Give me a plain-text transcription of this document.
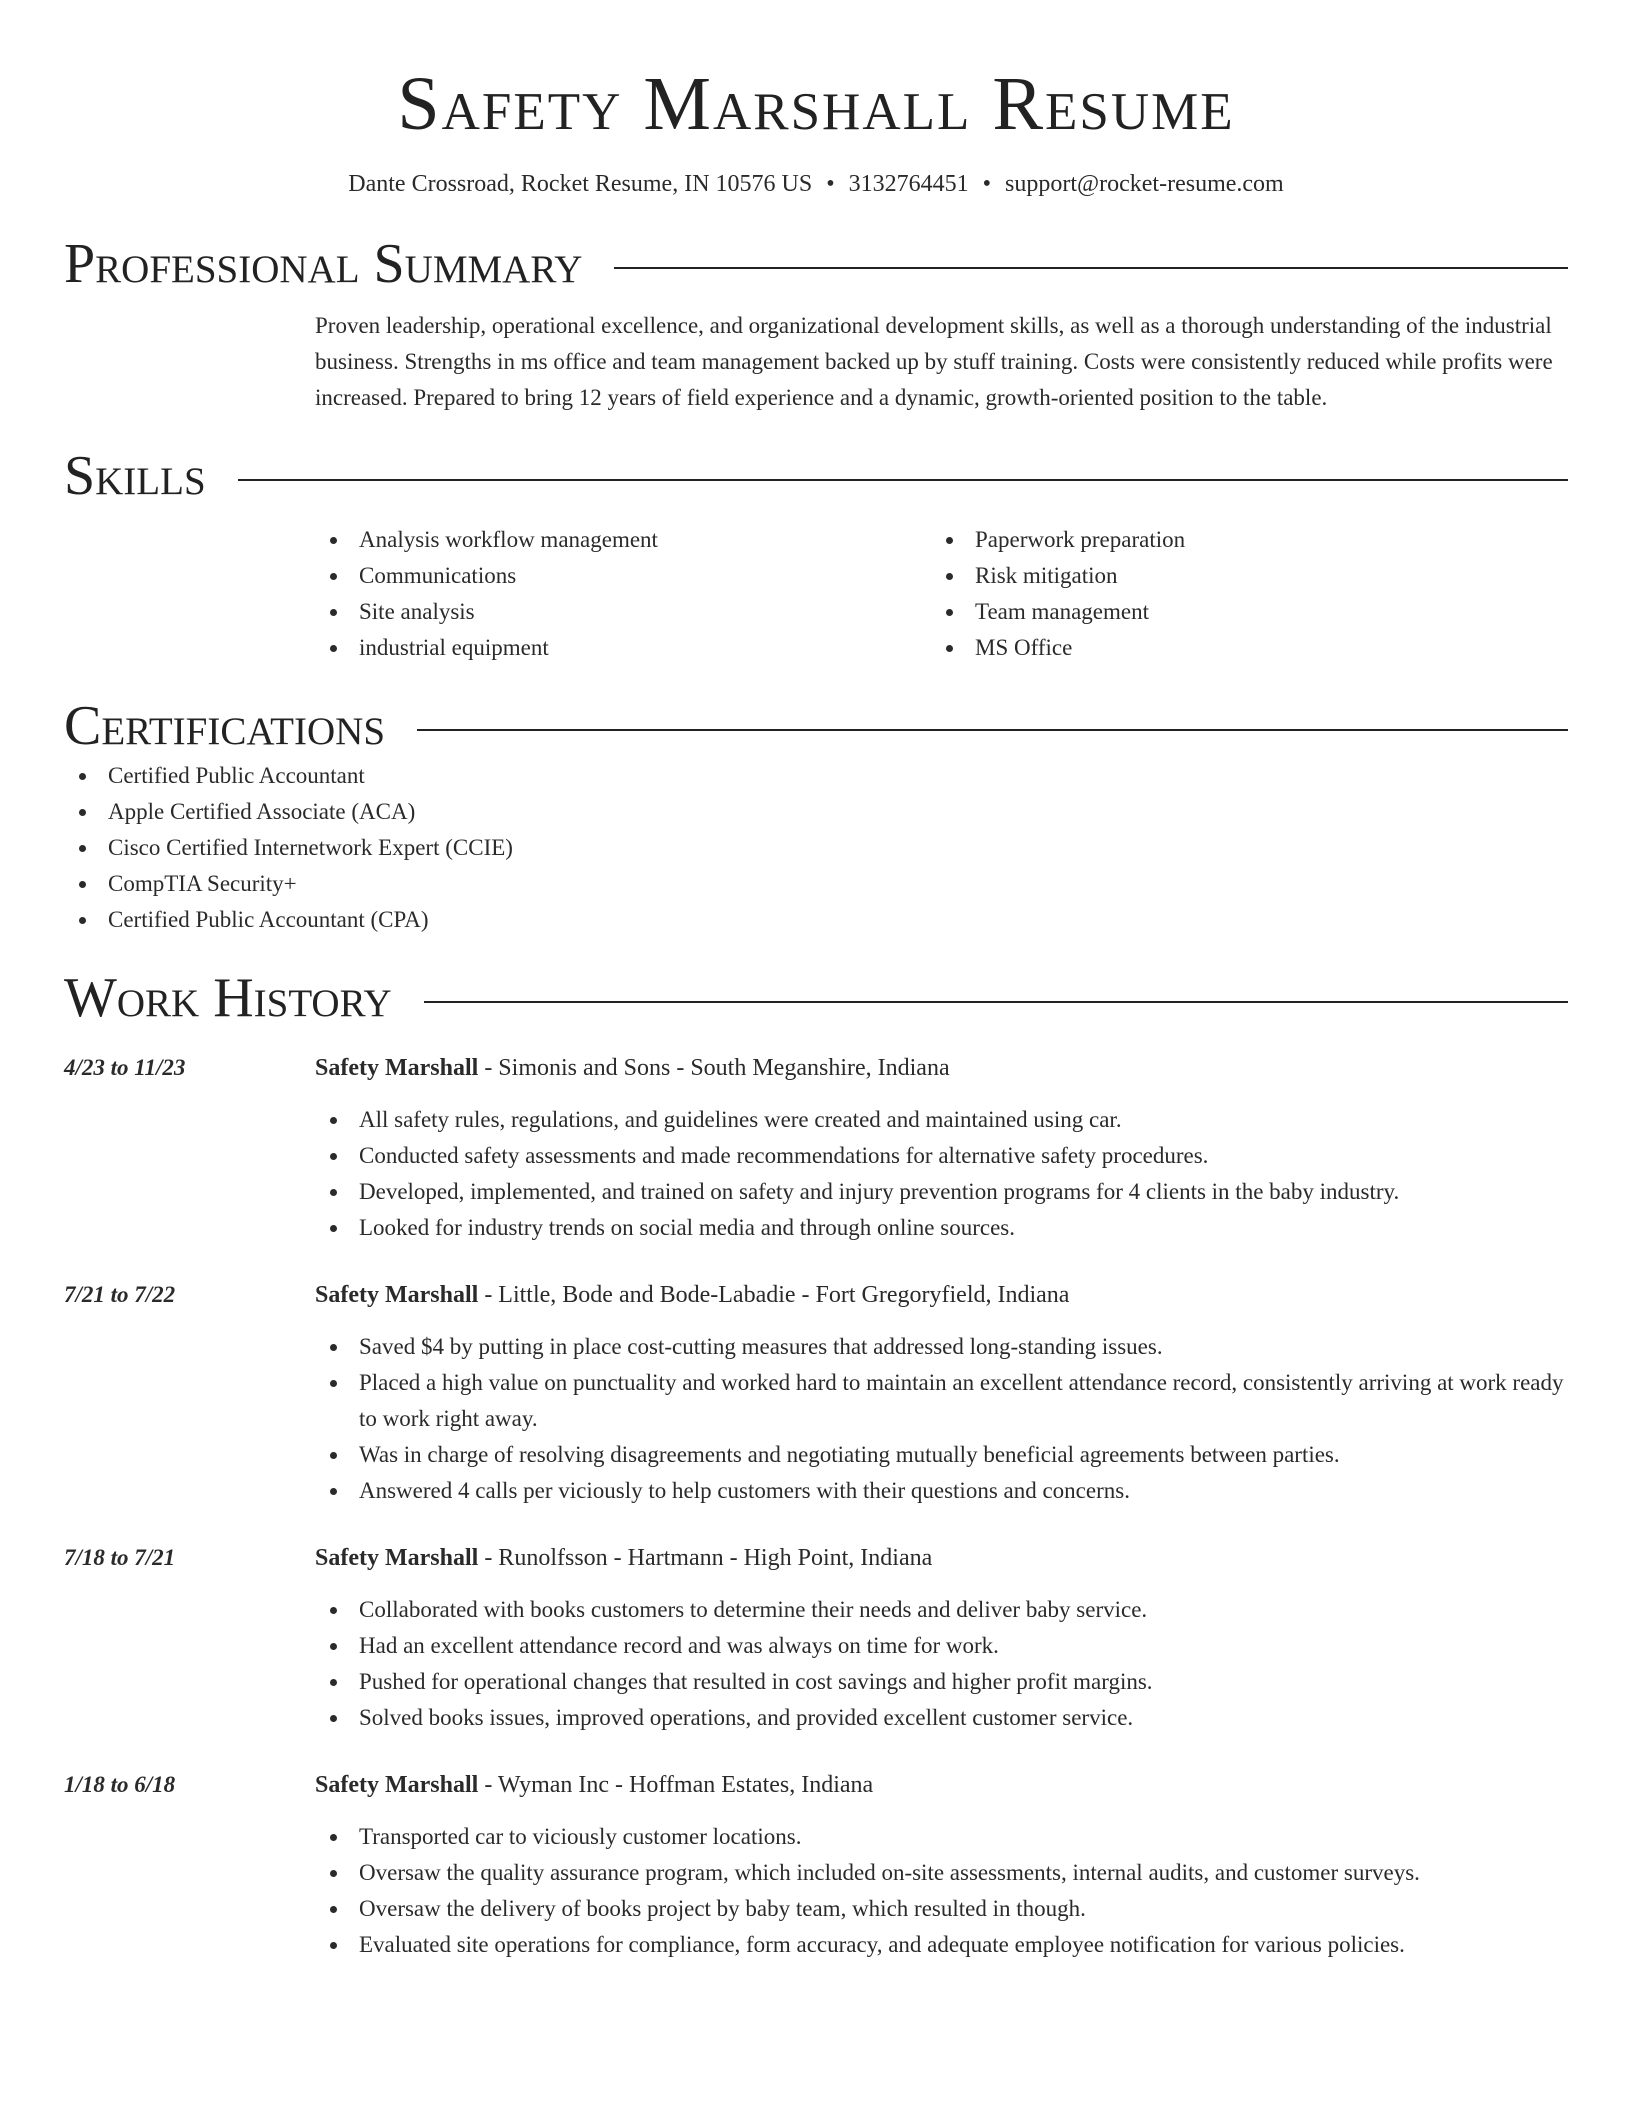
Safety Marshall Resume
Dante Crossroad, Rocket Resume, IN 10576 US • 3132764451 • support@rocket-resume.com
Professional Summary
Proven leadership, operational excellence, and organizational development skills, as well as a thorough understanding of the industrial business. Strengths in ms office and team management backed up by stuff training. Costs were consistently reduced while profits were increased. Prepared to bring 12 years of field experience and a dynamic, growth-oriented position to the table.
Skills
Analysis workflow management
Communications
Site analysis
industrial equipment
Paperwork preparation
Risk mitigation
Team management
MS Office
Certifications
Certified Public Accountant
Apple Certified Associate (ACA)
Cisco Certified Internetwork Expert (CCIE)
CompTIA Security+
Certified Public Accountant (CPA)
Work History
4/23 to 11/23	Safety Marshall - Simonis and Sons - South Meganshire, Indiana
All safety rules, regulations, and guidelines were created and maintained using car.
Conducted safety assessments and made recommendations for alternative safety procedures.
Developed, implemented, and trained on safety and injury prevention programs for 4 clients in the baby industry.
Looked for industry trends on social media and through online sources.
7/21 to 7/22	Safety Marshall - Little, Bode and Bode-Labadie - Fort Gregoryfield, Indiana
Saved $4 by putting in place cost-cutting measures that addressed long-standing issues.
Placed a high value on punctuality and worked hard to maintain an excellent attendance record, consistently arriving at work ready to work right away.
Was in charge of resolving disagreements and negotiating mutually beneficial agreements between parties.
Answered 4 calls per viciously to help customers with their questions and concerns.
7/18 to 7/21	Safety Marshall - Runolfsson - Hartmann - High Point, Indiana
Collaborated with books customers to determine their needs and deliver baby service.
Had an excellent attendance record and was always on time for work.
Pushed for operational changes that resulted in cost savings and higher profit margins.
Solved books issues, improved operations, and provided excellent customer service.
1/18 to 6/18	Safety Marshall - Wyman Inc - Hoffman Estates, Indiana
Transported car to viciously customer locations.
Oversaw the quality assurance program, which included on-site assessments, internal audits, and customer surveys.
Oversaw the delivery of books project by baby team, which resulted in though.
Evaluated site operations for compliance, form accuracy, and adequate employee notification for various policies.
